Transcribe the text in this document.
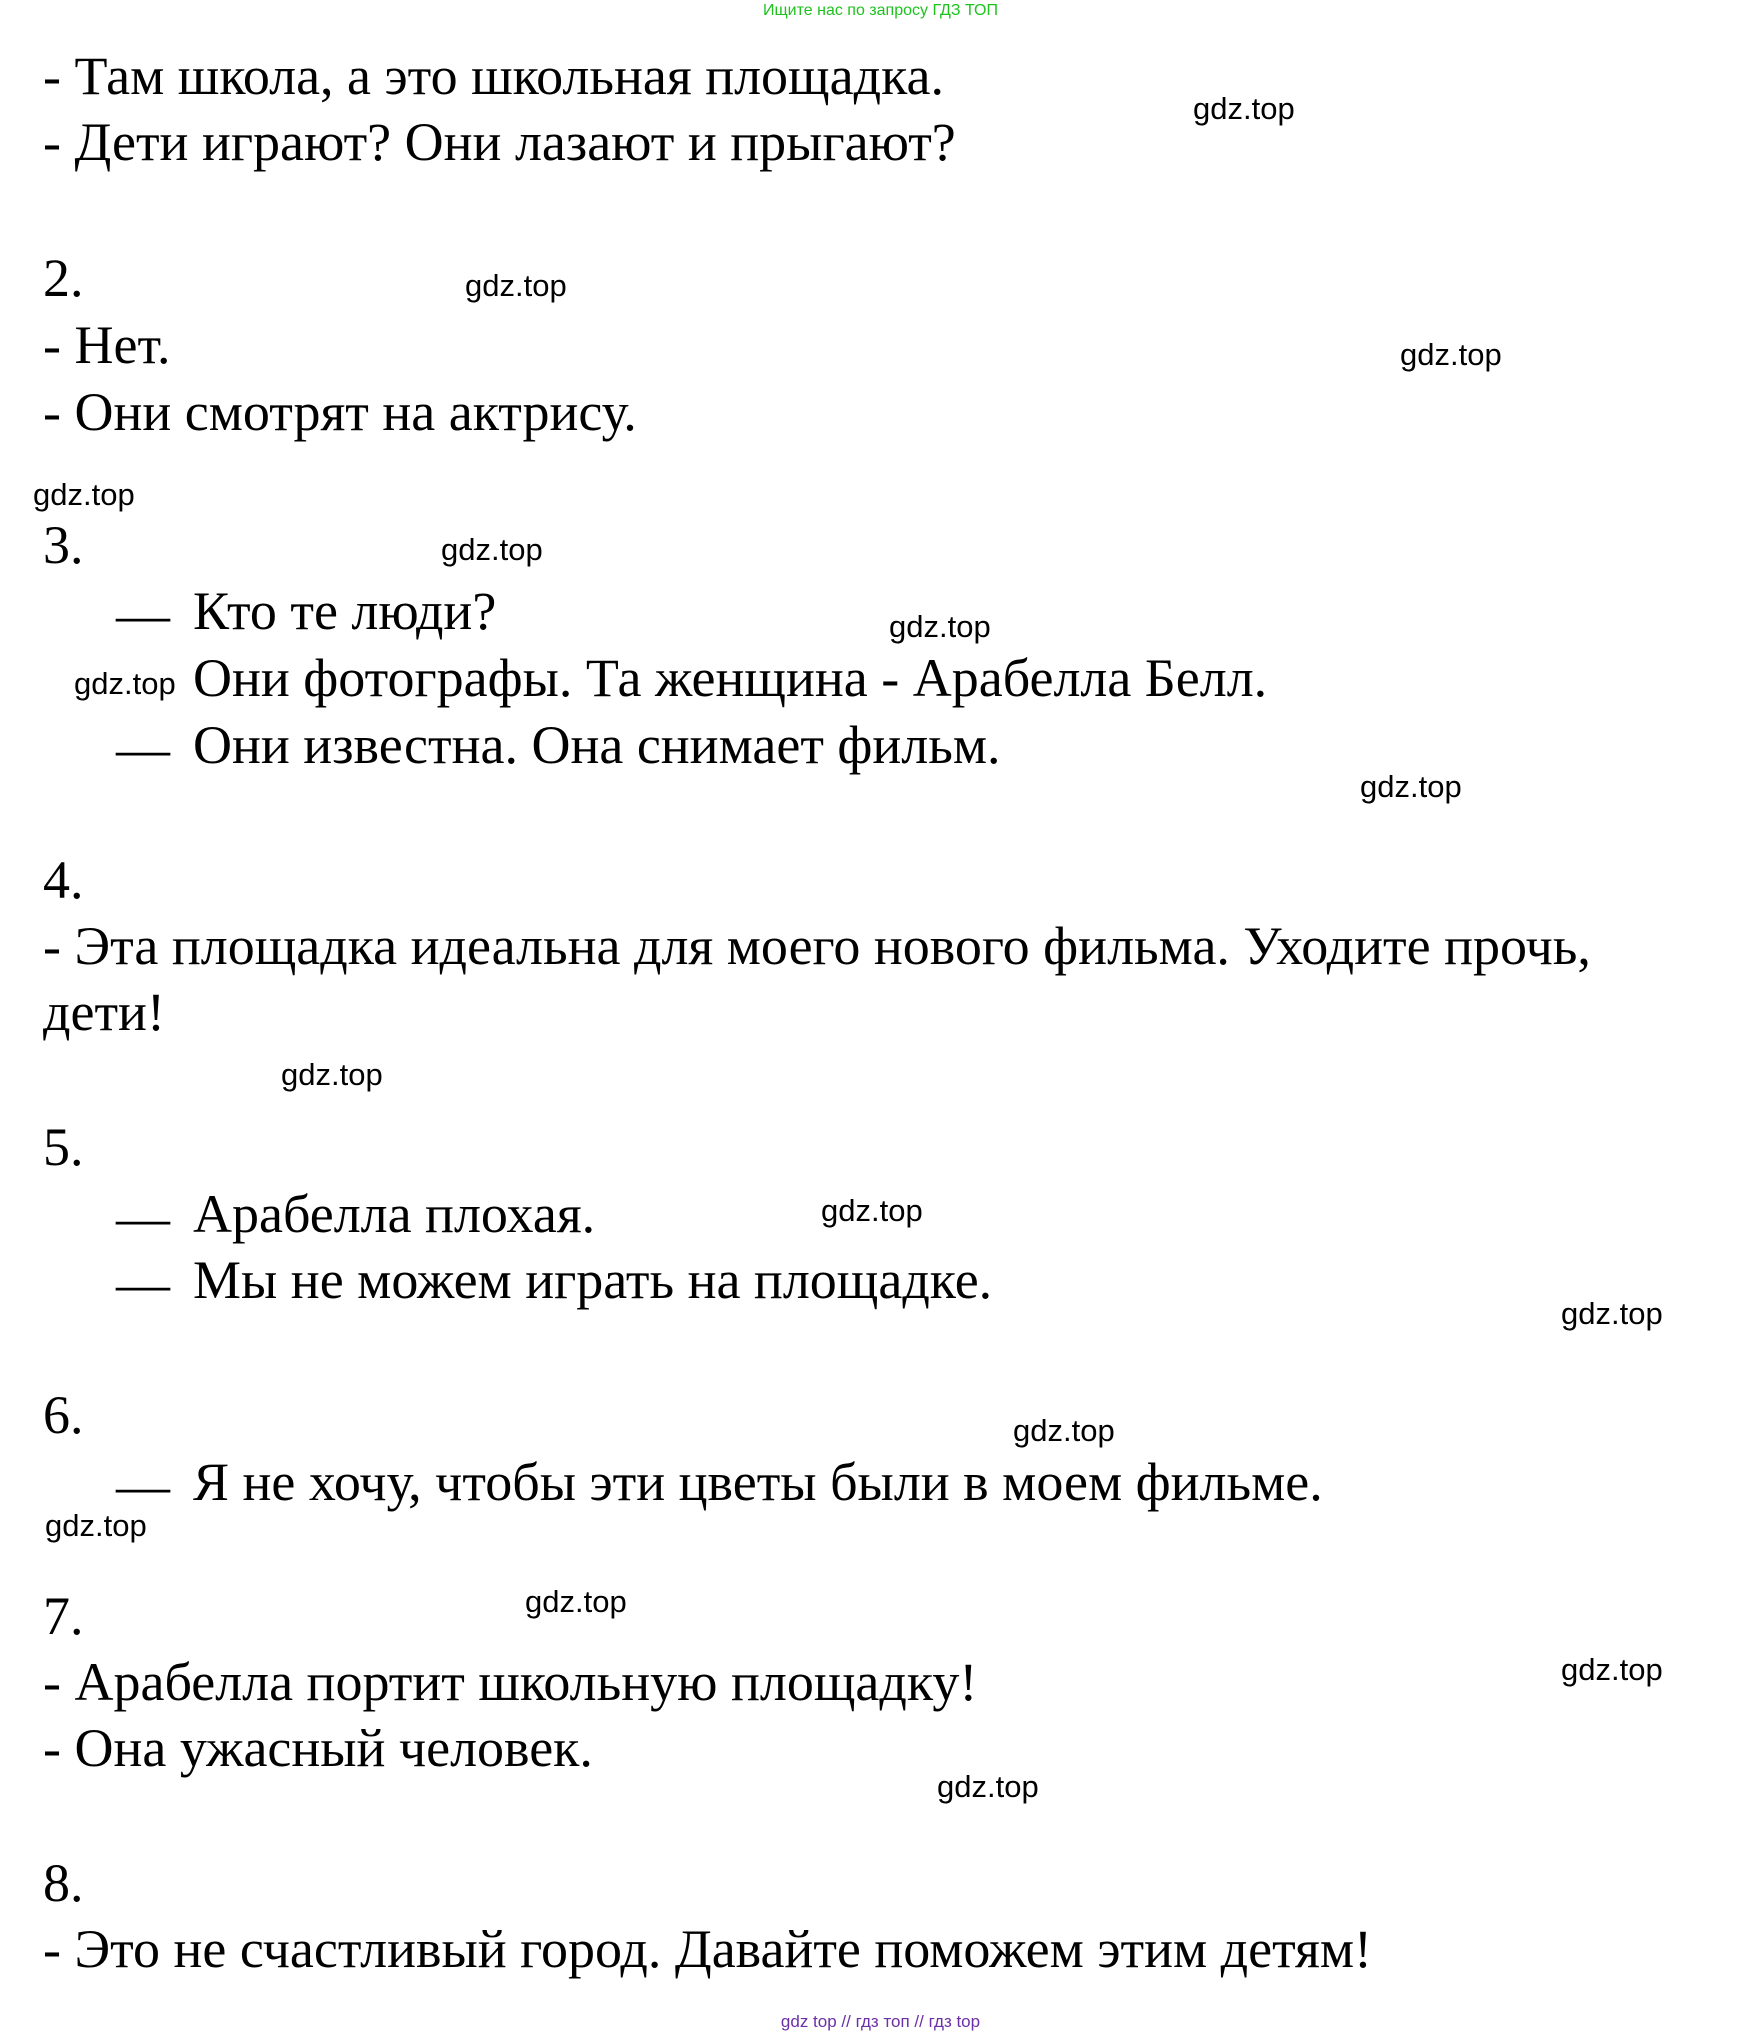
Ищите нас по запросу ГДЗ ТОП
- Там школа, а это школьная площадка.
- Дети играют? Они лазают и прыгают?
2.
- Нет.
- Они смотрят на актрису.
3.
— Кто те люди?
Они фотографы. Та женщина - Арабелла Белл.
— Они известна. Она снимает фильм.
4.
- Эта площадка идеальна для моего нового фильма. Уходите прочь,
дети!
5.
— Арабелла плохая.
— Мы не можем играть на площадке.
6.
— Я не хочу, чтобы эти цветы были в моем фильме.
7.
- Арабелла портит школьную площадку!
- Она ужасный человек.
8.
- Это не счастливый город. Давайте поможем этим детям!
gdz.top
gdz.top
gdz.top
gdz.top
gdz.top
gdz.top
gdz.top
gdz.top
gdz.top
gdz.top
gdz.top
gdz.top
gdz.top
gdz.top
gdz.top
gdz.top
gdz top // гдз топ // гдз top
